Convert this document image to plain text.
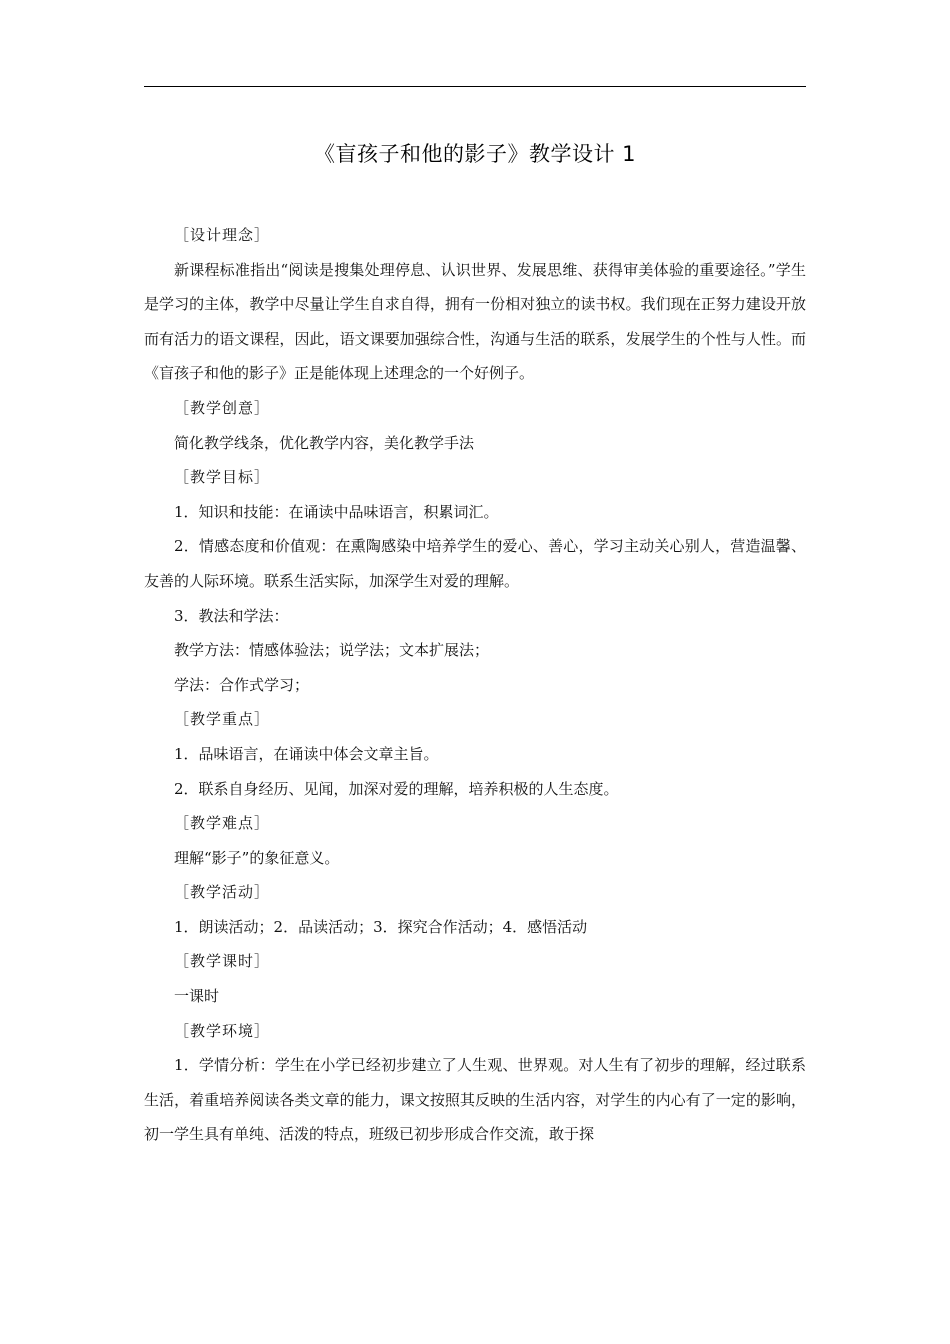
《盲孩子和他的影子》教学设计 1

［设计理念］

新课程标准指出“阅读是搜集处理停息、认识世界、发展思维、获得审美体验的重要途径。”学生是学习的主体，教学中尽量让学生自求自得，拥有一份相对独立的读书权。我们现在正努力建设开放而有活力的语文课程，因此，语文课要加强综合性，沟通与生活的联系，发展学生的个性与人性。而《盲孩子和他的影子》正是能体现上述理念的一个好例子。

［教学创意］

简化教学线条，优化教学内容，美化教学手法

［教学目标］

1．知识和技能：在诵读中品味语言，积累词汇。

2．情感态度和价值观：在熏陶感染中培养学生的爱心、善心，学习主动关心别人，营造温馨、友善的人际环境。联系生活实际，加深学生对爱的理解。

3．教法和学法：

教学方法：情感体验法；说学法；文本扩展法；

学法：合作式学习；

［教学重点］

1．品味语言，在诵读中体会文章主旨。

2．联系自身经历、见闻，加深对爱的理解，培养积极的人生态度。

［教学难点］

理解“影子”的象征意义。

［教学活动］

1．朗读活动；2．品读活动；3．探究合作活动；4．感悟活动

［教学课时］

一课时

［教学环境］

1．学情分析：学生在小学已经初步建立了人生观、世界观。对人生有了初步的理解，经过联系生活，着重培养阅读各类文章的能力，课文按照其反映的生活内容，对学生的内心有了一定的影响，初一学生具有单纯、活泼的特点，班级已初步形成合作交流，敢于探
